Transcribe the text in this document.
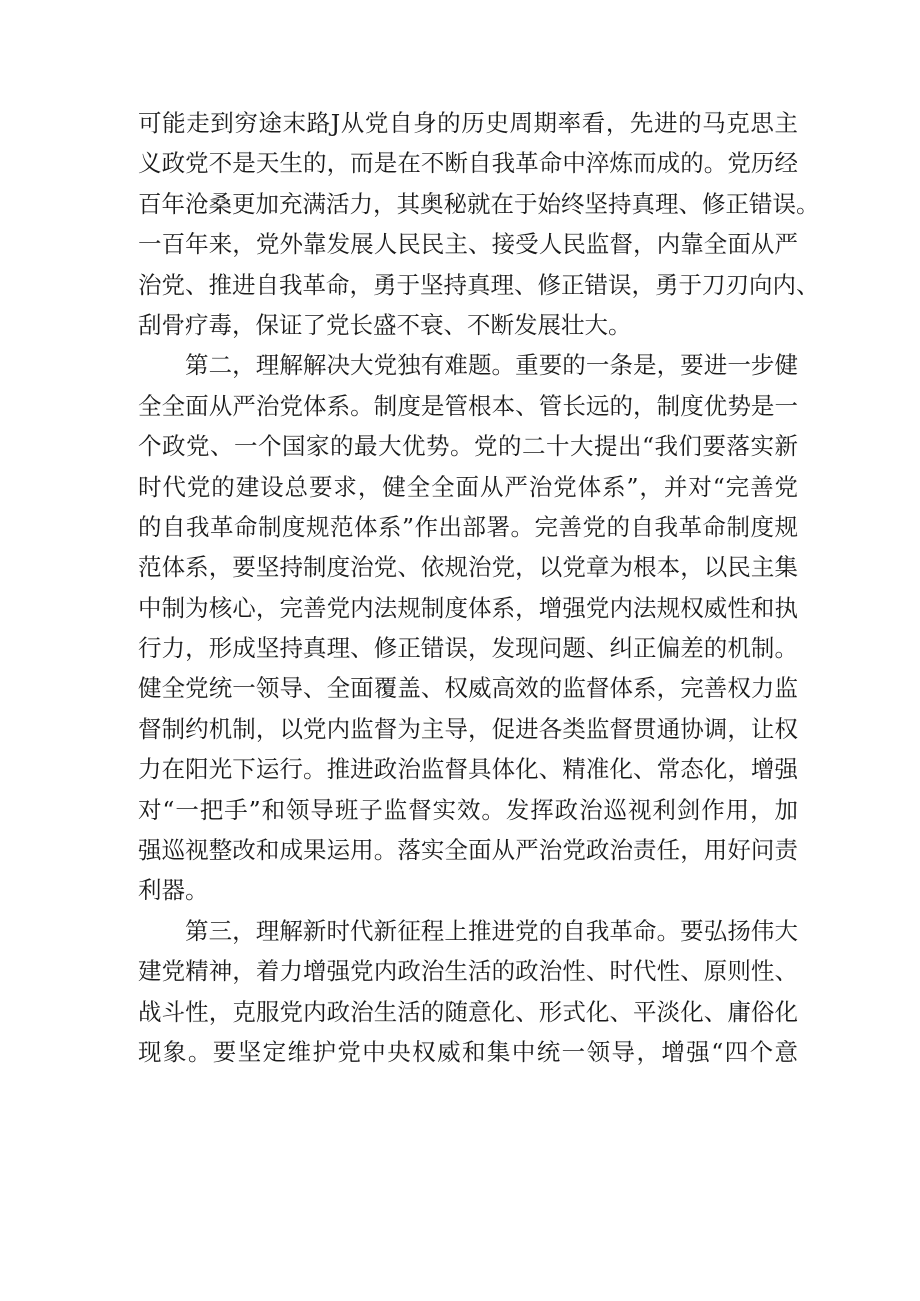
可能走到穷途末路J从党自身的历史周期率看，先进的马克思主
义政党不是天生的，而是在不断自我革命中淬炼而成的。党历经
百年沧桑更加充满活力，其奥秘就在于始终坚持真理、修正错误。
一百年来，党外靠发展人民民主、接受人民监督，内靠全面从严
治党、推进自我革命，勇于坚持真理、修正错误，勇于刀刃向内、
刮骨疗毒，保证了党长盛不衰、不断发展壮大。
第二，理解解决大党独有难题。重要的一条是，要进一步健
全全面从严治党体系。制度是管根本、管长远的，制度优势是一
个政党、一个国家的最大优势。党的二十大提出“我们要落实新
时代党的建设总要求，健全全面从严治党体系”，并对“完善党
的自我革命制度规范体系”作出部署。完善党的自我革命制度规
范体系，要坚持制度治党、依规治党，以党章为根本，以民主集
中制为核心，完善党内法规制度体系，增强党内法规权威性和执
行力，形成坚持真理、修正错误，发现问题、纠正偏差的机制。
健全党统一领导、全面覆盖、权威高效的监督体系，完善权力监
督制约机制，以党内监督为主导，促进各类监督贯通协调，让权
力在阳光下运行。推进政治监督具体化、精准化、常态化，增强
对“一把手”和领导班子监督实效。发挥政治巡视利剑作用，加
强巡视整改和成果运用。落实全面从严治党政治责任，用好问责
利器。
第三，理解新时代新征程上推进党的自我革命。要弘扬伟大
建党精神，着力增强党内政治生活的政治性、时代性、原则性、
战斗性，克服党内政治生活的随意化、形式化、平淡化、庸俗化
现象。要坚定维护党中央权威和集中统一领导，增强“四个意
